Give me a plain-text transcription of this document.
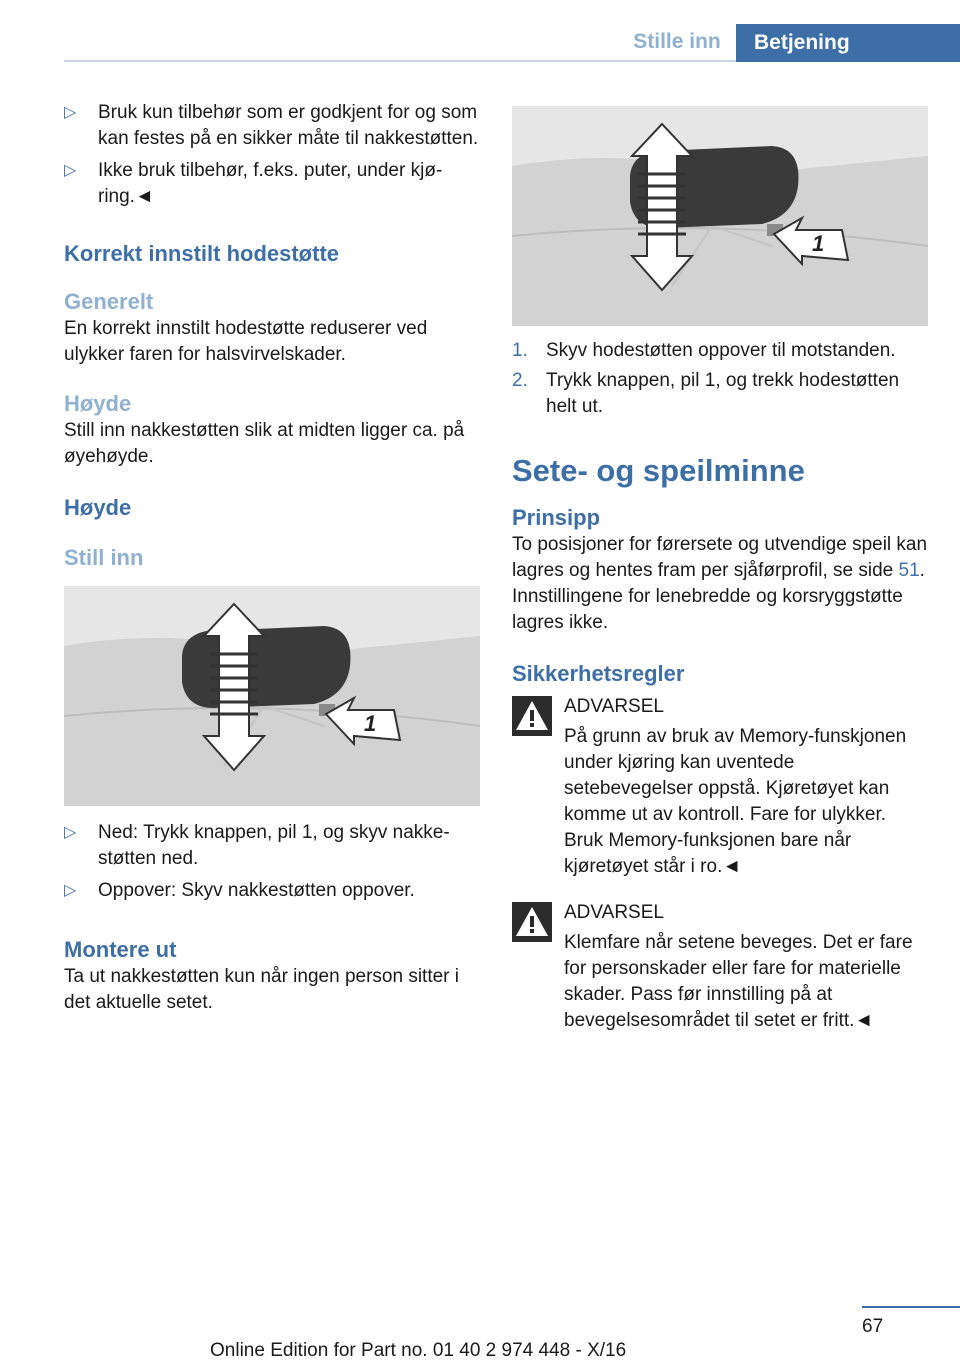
Stille inn	Betjening
▷	Bruk kun tilbehør som er godkjent for og som kan festes på en sikker måte til nakkestøtten.
▷	Ikke bruk tilbehør, f.eks. puter, under kjøring.◄

Korrekt innstilt hodestøtte

Generelt

En korrekt innstilt hodestøtte reduserer ved ulykker faren for halsvirvelskader.

Høyde

Still inn nakkestøtten slik at midten ligger ca. på øyehøyde.

Høyde

Still inn

1
▷	Ned: Trykk knappen, pil 1, og skyv nakkestøtten ned.
▷	Oppover: Skyv nakkestøtten oppover.

Montere ut

Ta ut nakkestøtten kun når ingen person sitter i det aktuelle setet.

1
1. Skyv hodestøtten oppover til motstanden.
2. Trykk knappen, pil 1, og trekk hodestøtten helt ut.

Sete- og speilminne

Prinsipp

To posisjoner for førersete og utvendige speil kan lagres og hentes fram per sjåførprofil, se side 51. Innstillingene for lenebredde og korsryggstøtte lagres ikke.

Sikkerhetsregler

ADVARSEL

På grunn av bruk av Memory-funskjonen under kjøring kan uventede setebevegelser oppstå. Kjøretøyet kan komme ut av kontroll. Fare for ulykker. Bruk Memory-funksjonen bare når kjøretøyet står i ro.◄

ADVARSEL

Klemfare når setene beveges. Det er fare for personskader eller fare for materielle skader. Pass før innstilling på at bevegelsesområdet til setet er fritt.◄

67
Online Edition for Part no. 01 40 2 974 448 - X/16
